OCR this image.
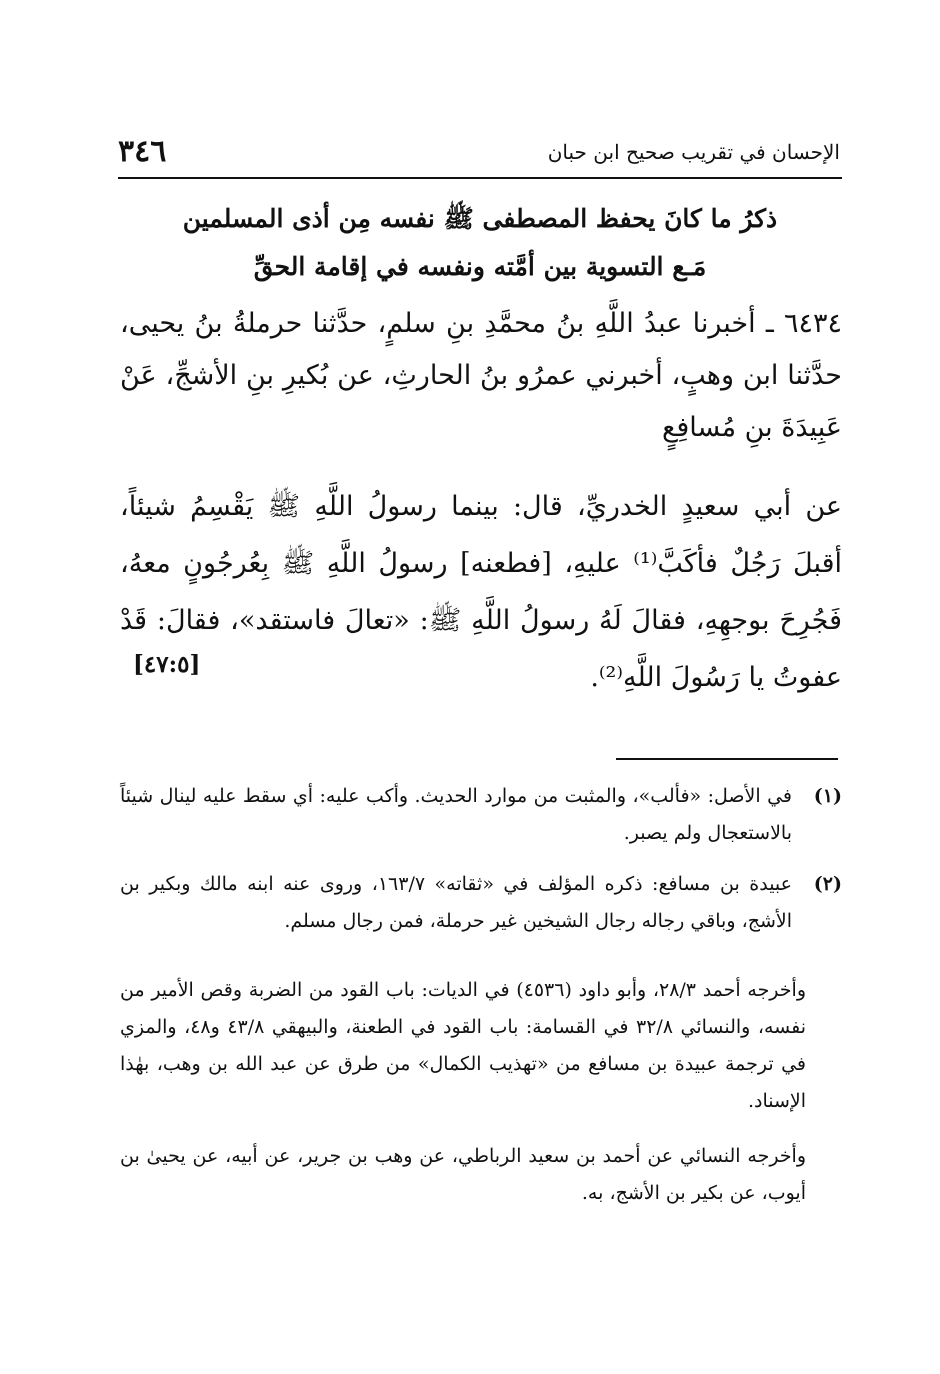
٣٤٦	الإحسان في تقريب صحيح ابن حبان
ذكرُ ما كانَ يحفظ المصطفى ﷺ نفسه مِن أذى المسلمين
مَـع التسوية بين أمَّته ونفسه في إقامة الحقِّ

٦٤٣٤ ـ أخبرنا عبدُ اللَّهِ بنُ محمَّدِ بنِ سلمٍ، حدَّثنا حرملةُ بنُ يحيى، حدَّثنا ابن وهبٍ، أخبرني عمرُو بنُ الحارثِ، عن بُكيرِ بنِ الأشجِّ، عَنْ عَبِيدَةَ بنِ مُسافِعٍ

عن أبي سعيدٍ الخدريِّ، قال: بينما رسولُ اللَّهِ ﷺ يَقْسِمُ شيئاً، أقبلَ رَجُلٌ فأكَبَّ⁽¹⁾ عليهِ، [فطعنه] رسولُ اللَّهِ ﷺ بِعُرجُونٍ معهُ، فَجُرِحَ بوجهِهِ، فقالَ لَهُ رسولُ اللَّهِ ﷺ: «تعالَ فاستقد»، فقالَ: قَدْ عفوتُ يا رَسُولَ اللَّهِ⁽²⁾.

[٤٧:٥]
(١)

في الأصل: «فألب»، والمثبت من موارد الحديث. وأكب عليه: أي سقط عليه لينال شيئاً بالاستعجال ولم يصبر.

(٢)

عبيدة بن مسافع: ذكره المؤلف في «ثقاته» ١٦٣/٧، وروى عنه ابنه مالك وبكير بن الأشج، وباقي رجاله رجال الشيخين غير حرملة، فمن رجال مسلم.

وأخرجه أحمد ٢٨/٣، وأبو داود (٤٥٣٦) في الديات: باب القود من الضربة وقص الأمير من نفسه، والنسائي ٣٢/٨ في القسامة: باب القود في الطعنة، والبيهقي ٤٣/٨ و٤٨، والمزي في ترجمة عبيدة بن مسافع من «تهذيب الكمال» من طرق عن عبد الله بن وهب، بهٰذا الإسناد.

وأخرجه النسائي عن أحمد بن سعيد الرباطي، عن وهب بن جرير، عن أبيه، عن يحيىٰ بن أيوب، عن بكير بن الأشج، به.
